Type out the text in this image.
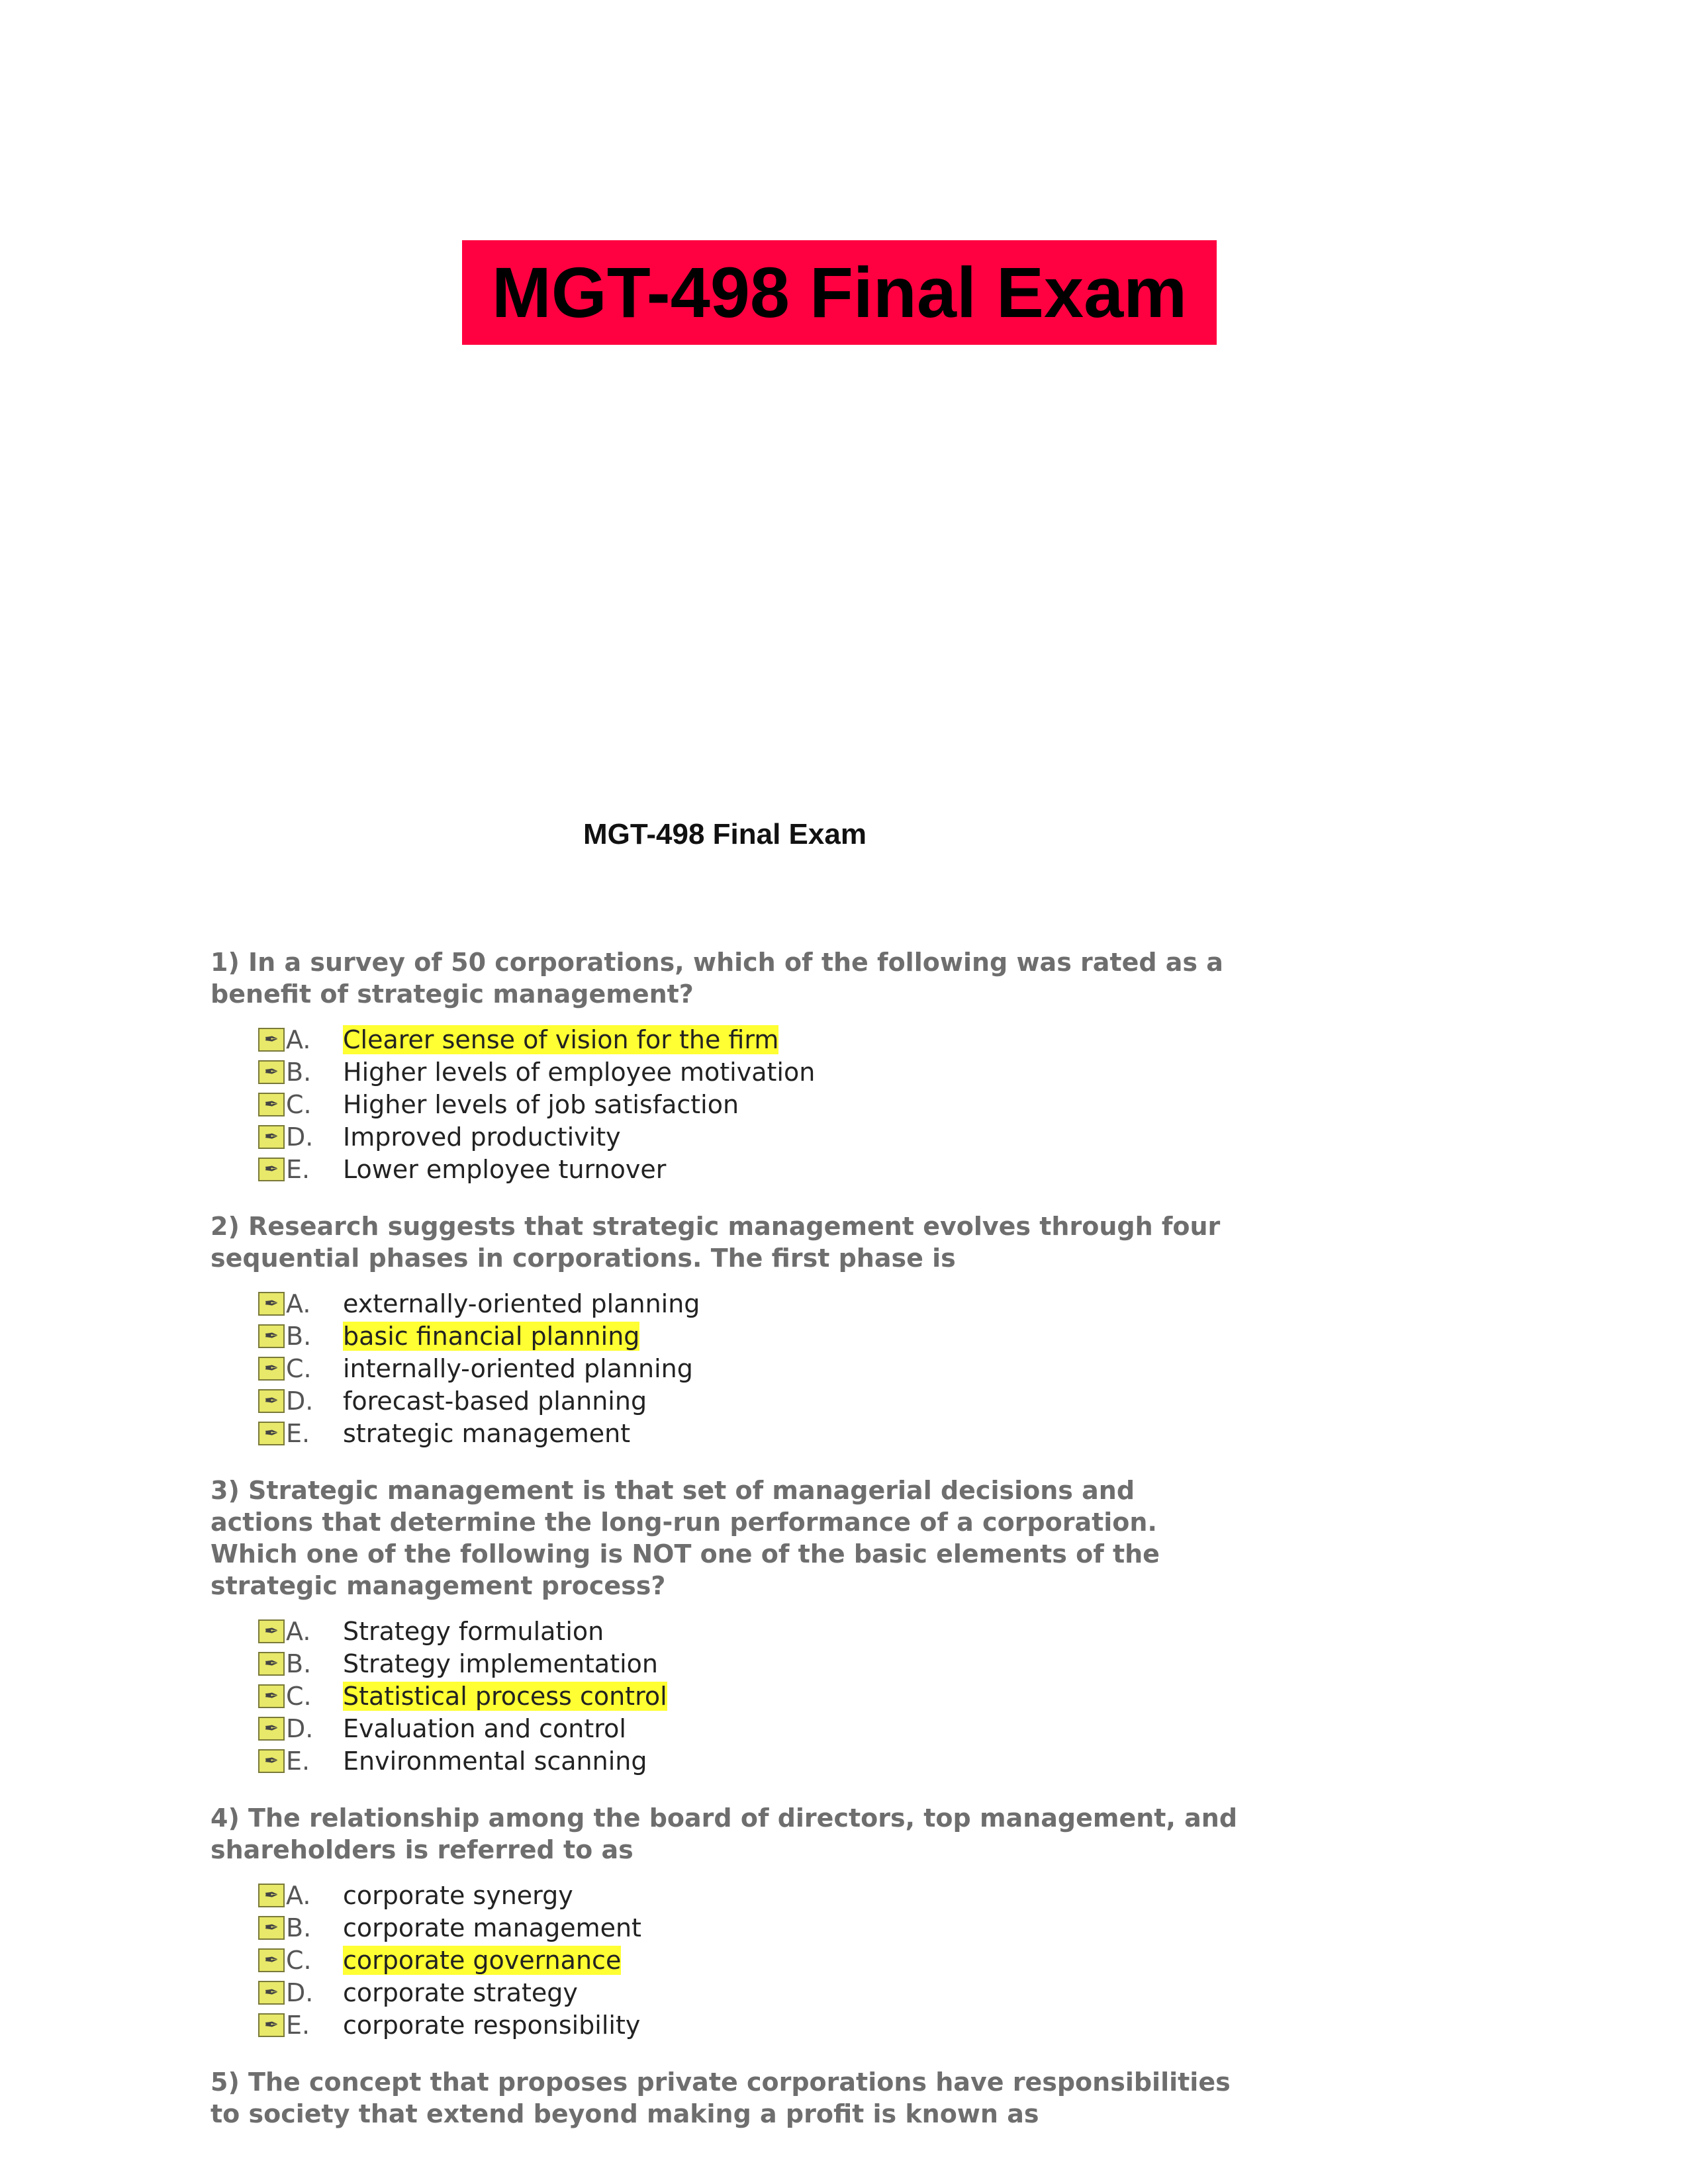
MGT-498 Final Exam
MGT-498 Final Exam

1) In a survey of 50 corporations, which of the following was rated as a benefit of strategic management?

✒ A.	Clearer sense of vision for the firm
✒ B.	Higher levels of employee motivation
✒ C.	Higher levels of job satisfaction
✒ D.	Improved productivity
✒ E.	Lower employee turnover

2) Research suggests that strategic management evolves through four sequential phases in corporations. The first phase is

✒ A.	externally-oriented planning
✒ B.	basic financial planning
✒ C.	internally-oriented planning
✒ D.	forecast-based planning
✒ E.	strategic management

3) Strategic management is that set of managerial decisions and actions that determine the long-run performance of a corporation. Which one of the following is NOT one of the basic elements of the strategic management process?

✒ A.	Strategy formulation
✒ B.	Strategy implementation
✒ C.	Statistical process control
✒ D.	Evaluation and control
✒ E.	Environmental scanning

4) The relationship among the board of directors, top management, and shareholders is referred to as

✒ A.	corporate synergy
✒ B.	corporate management
✒ C.	corporate governance
✒ D.	corporate strategy
✒ E.	corporate responsibility

5) The concept that proposes private corporations have responsibilities to society that extend beyond making a profit is known as
